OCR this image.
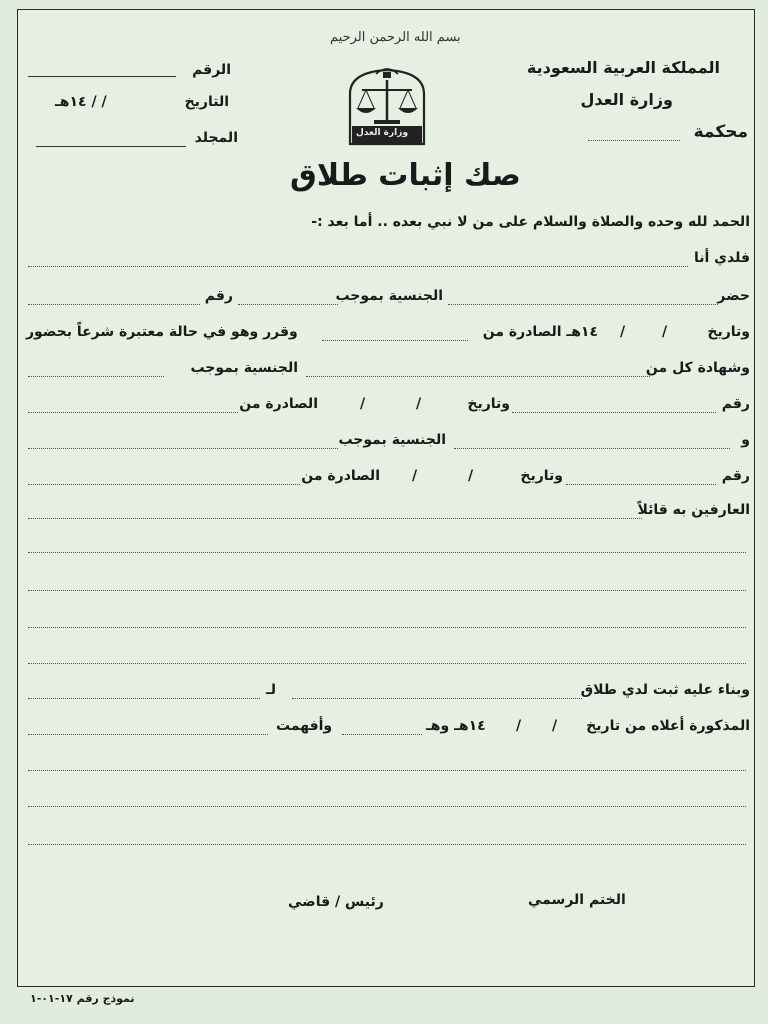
بسم الله الرحمن الرحيم
المملكة العربية السعودية
وزارة العدل
محكمة
الرقم
التاريخ
/ / ١٤هـ
المجلد	وزارة العدل
صك إثبات طلاق
الحمد لله وحده والصلاة والسلام على من لا نبي بعده .. أما بعد :-
فلدي أنا
حضر
الجنسية بموجب
رقم
وتاريخ
/
/
١٤هـ الصادرة من
وقرر وهو في حالة معتبرة شرعاً بحضور
وشهادة كل من
الجنسية بموجب
رقم
وتاريخ
/
/
الصادرة من
و
الجنسية بموجب
رقم
وتاريخ
/
/
الصادرة من
العارفين به قائلاً
وبناء عليه ثبت لدي طلاق
لـ
المذكورة أعلاه من تاريخ
/
/
١٤هـ وهـ
وأفهمت
الختم الرسمي
رئيس / قاضي
نموذج رقم ١٧-٠١-١
